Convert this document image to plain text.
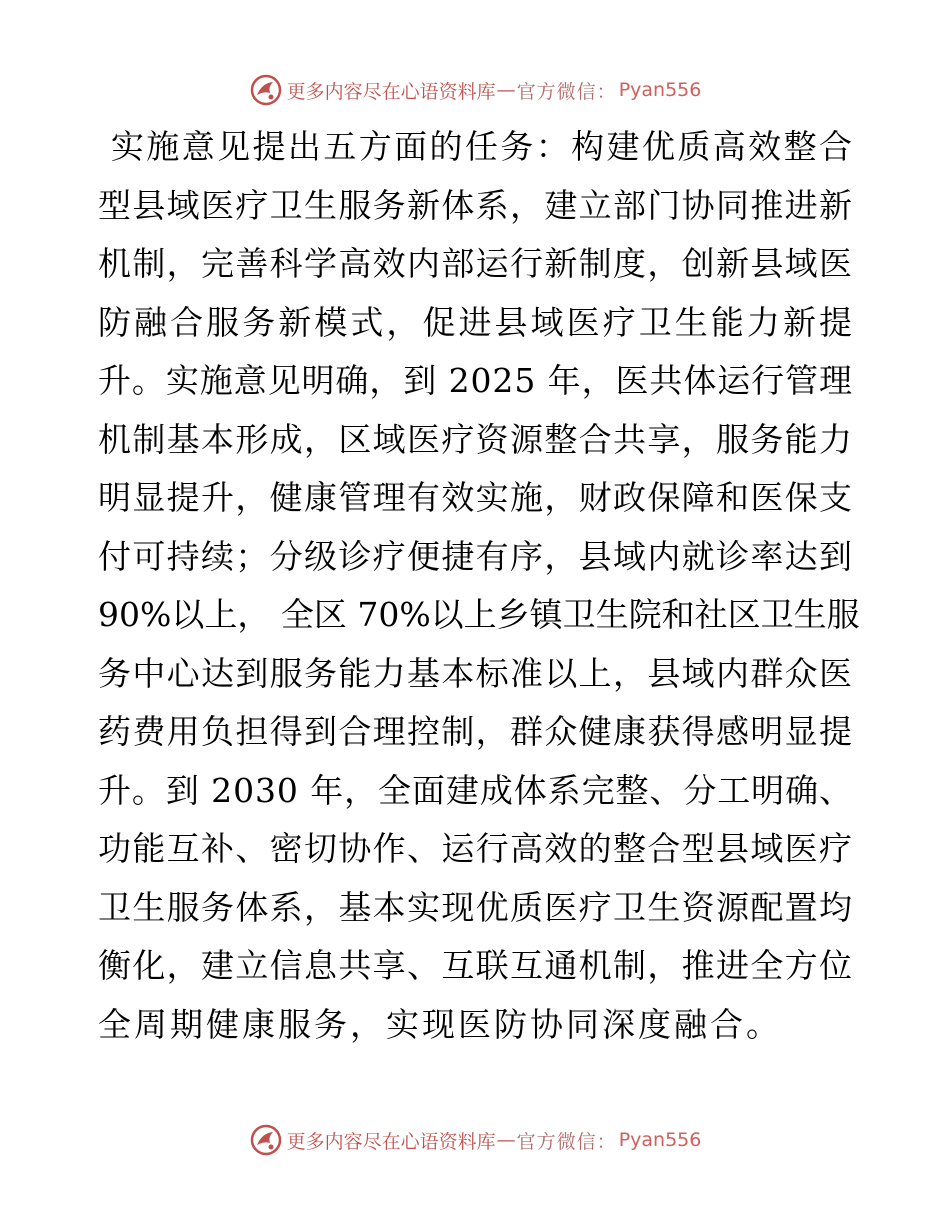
更多内容尽在心语资料库 — 官方微信： Pyan556
实施意见提出五方面的任务：构建优质高效整合
型县域医疗卫生服务新体系，建立部门协同推进新
机制，完善科学高效内部运行新制度，创新县域医
防融合服务新模式，促进县域医疗卫生能力新提
升。实施意见明确，到 2025 年，医共体运行管理
机制基本形成，区域医疗资源整合共享，服务能力
明显提升，健康管理有效实施，财政保障和医保支
付可持续；分级诊疗便捷有序，县域内就诊率达到
90%以上， 全区 70%以上乡镇卫生院和社区卫生服
务中心达到服务能力基本标准以上，县域内群众医
药费用负担得到合理控制，群众健康获得感明显提
升。到 2030 年，全面建成体系完整、分工明确、
功能互补、密切协作、运行高效的整合型县域医疗
卫生服务体系，基本实现优质医疗卫生资源配置均
衡化，建立信息共享、互联互通机制，推进全方位
全周期健康服务，实现医防协同深度融合。
更多内容尽在心语资料库 — 官方微信： Pyan556
